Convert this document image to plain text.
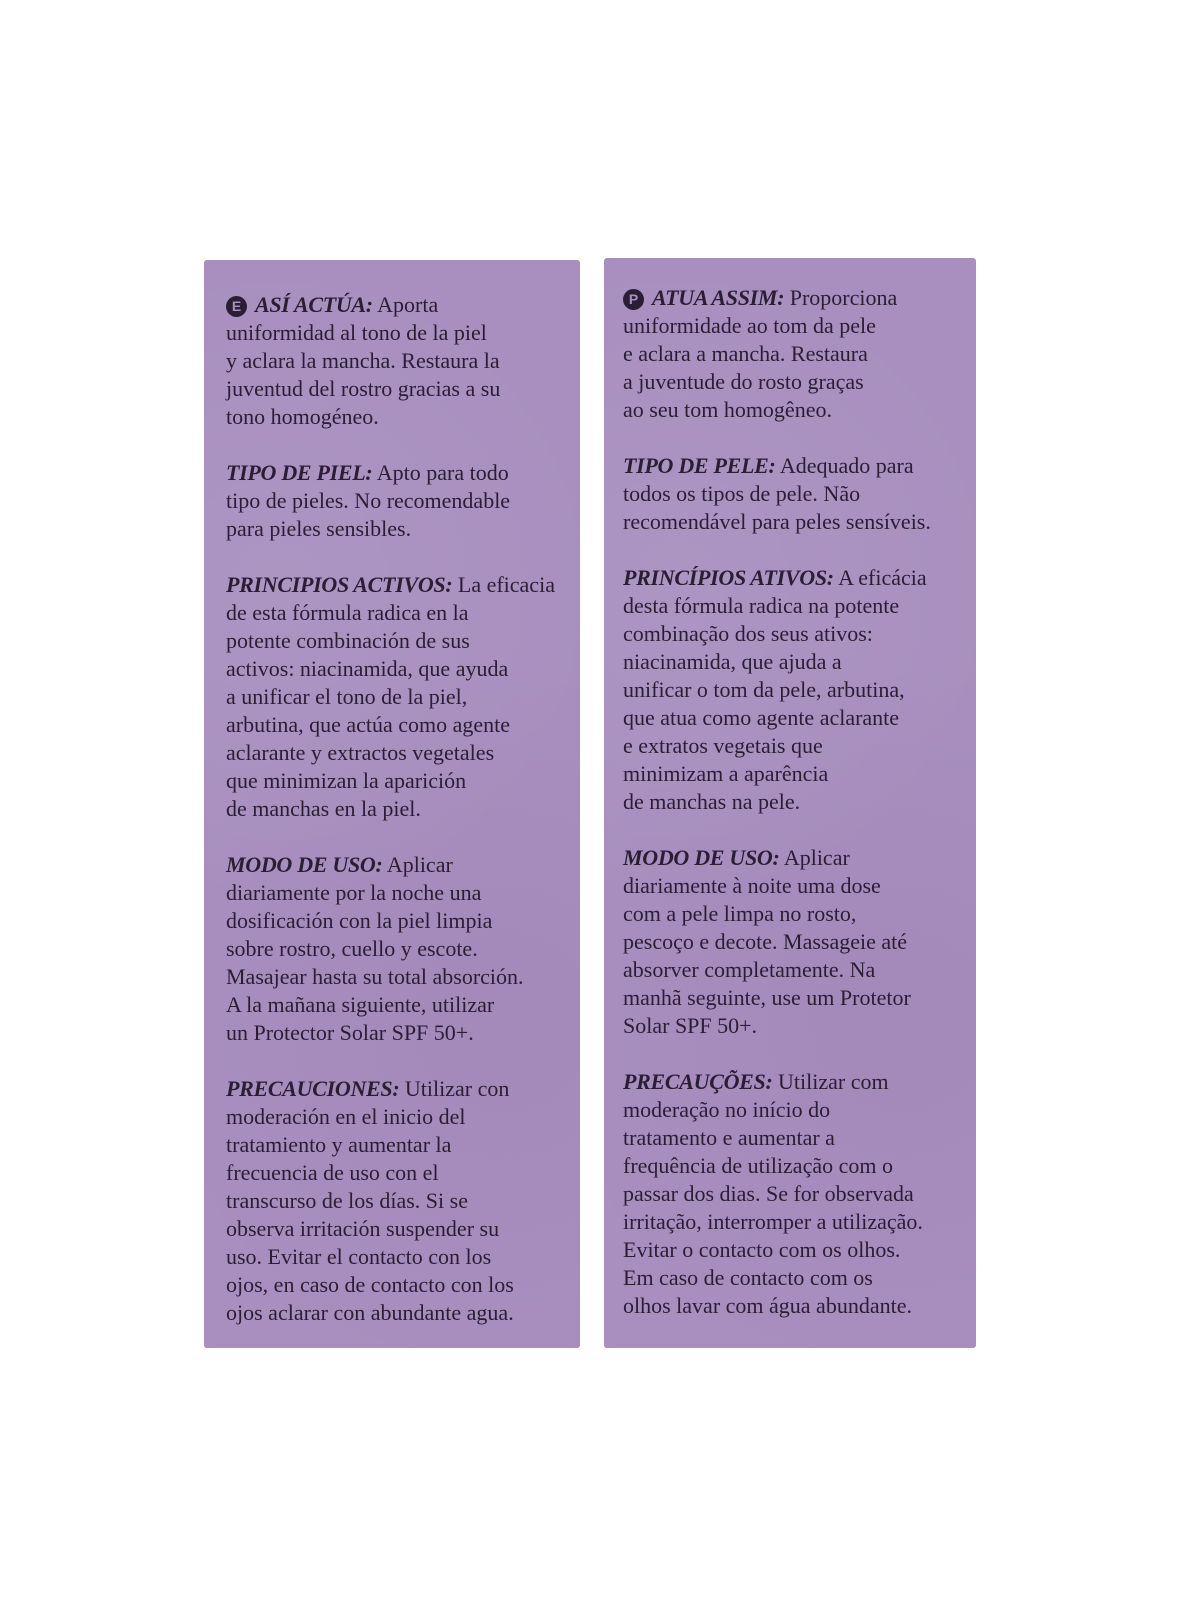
E ASÍ ACTÚA: Aporta
uniformidad al tono de la piel
y aclara la mancha. Restaura la
juventud del rostro gracias a su
tono homogéneo.
TIPO DE PIEL: Apto para todo
tipo de pieles. No recomendable
para pieles sensibles.
PRINCIPIOS ACTIVOS: La eficacia
de esta fórmula radica en la
potente combinación de sus
activos: niacinamida, que ayuda
a unificar el tono de la piel,
arbutina, que actúa como agente
aclarante y extractos vegetales
que minimizan la aparición
de manchas en la piel.
MODO DE USO: Aplicar
diariamente por la noche una
dosificación con la piel limpia
sobre rostro, cuello y escote.
Masajear hasta su total absorción.
A la mañana siguiente, utilizar
un Protector Solar SPF 50+.
PRECAUCIONES: Utilizar con
moderación en el inicio del
tratamiento y aumentar la
frecuencia de uso con el
transcurso de los días. Si se
observa irritación suspender su
uso. Evitar el contacto con los
ojos, en caso de contacto con los
ojos aclarar con abundante agua.
P ATUA ASSIM: Proporciona
uniformidade ao tom da pele
e aclara a mancha. Restaura
a juventude do rosto graças
ao seu tom homogêneo.
TIPO DE PELE: Adequado para
todos os tipos de pele. Não
recomendável para peles sensíveis.
PRINCÍPIOS ATIVOS: A eficácia
desta fórmula radica na potente
combinação dos seus ativos:
niacinamida, que ajuda a
unificar o tom da pele, arbutina,
que atua como agente aclarante
e extratos vegetais que
minimizam a aparência
de manchas na pele.
MODO DE USO: Aplicar
diariamente à noite uma dose
com a pele limpa no rosto,
pescoço e decote. Massageie até
absorver completamente. Na
manhã seguinte, use um Protetor
Solar SPF 50+.
PRECAUÇÕES: Utilizar com
moderação no início do
tratamento e aumentar a
frequência de utilização com o
passar dos dias. Se for observada
irritação, interromper a utilização.
Evitar o contacto com os olhos.
Em caso de contacto com os
olhos lavar com água abundante.
